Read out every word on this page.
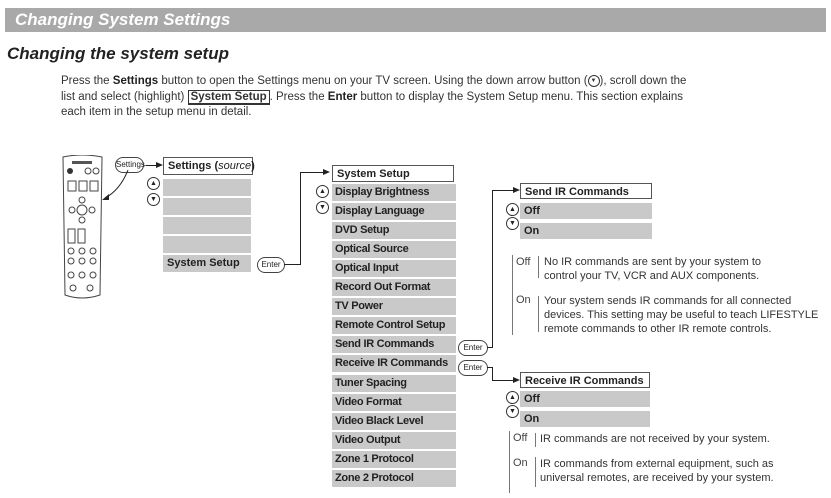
Changing System Settings
Changing the system setup
Press the Settings button to open the Settings menu on your TV screen. Using the down arrow button ( ▼ ), scroll down the list and select (highlight) System Setup . Press the Enter button to display the System Setup menu. This section explains each item in the setup menu in detail.
Settings	Settings (source)
System Setup
▲
▼
Enter
System Setup
Display Brightness
Display Language
DVD Setup
Optical Source
Optical Input
Record Out Format
TV Power
Remote Control Setup
Send IR Commands
Receive IR Commands
Tuner Spacing
Video Format
Video Black Level
Video Output
Zone 1 Protocol
Zone 2 Protocol
▲
▼
Enter
Enter
Send IR Commands
Off
On
▲
▼
Off No IR commands are sent by your system to control your TV, VCR and AUX components.
On Your system sends IR commands for all connected devices. This setting may be useful to teach LIFESTYLE remote commands to other IR remote controls.
Receive IR Commands
Off
On
▲
▼
Off IR commands are not received by your system.
On IR commands from external equipment, such as universal remotes, are received by your system.
